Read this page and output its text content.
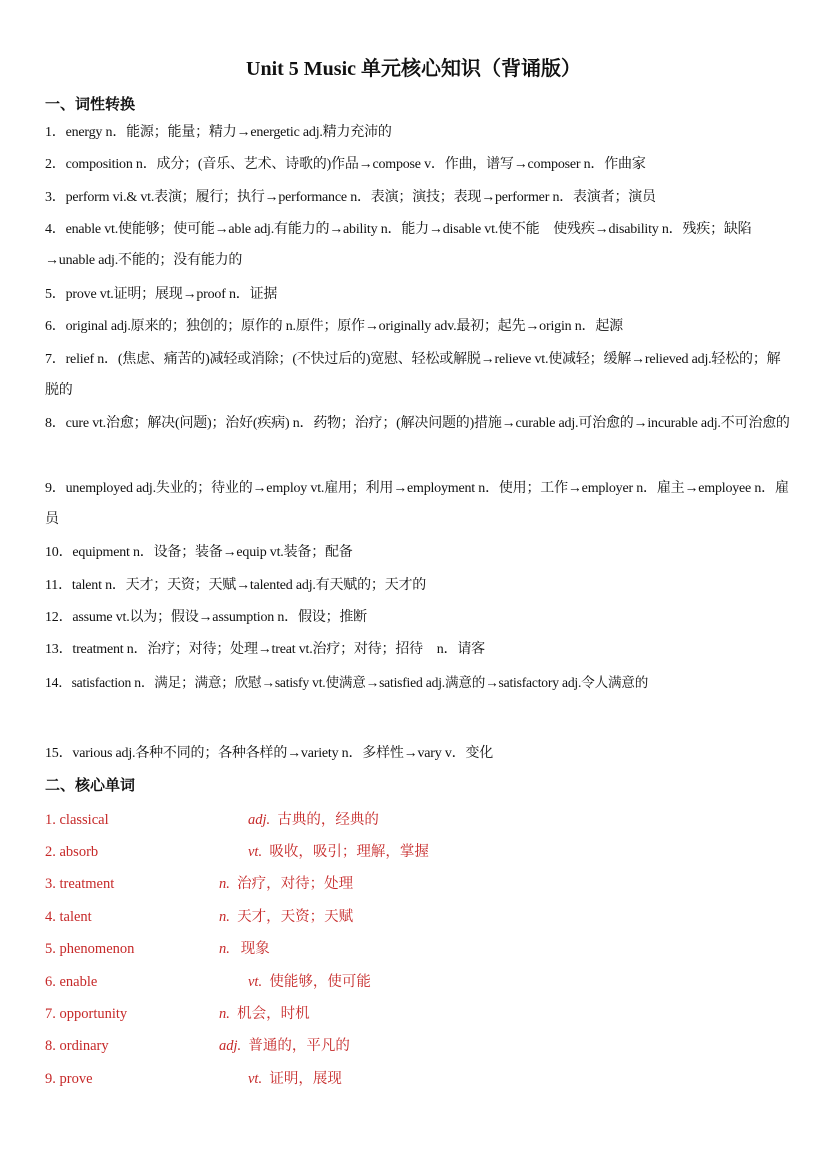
Unit 5 Music 单元核心知识（背诵版）
一、词性转换
1．energy n．能源；能量；精力→energetic adj.精力充沛的
2．composition n．成分；(音乐、艺术、诗歌的)作品→compose v．作曲，谱写→composer n．作曲家
3．perform vi.& vt.表演；履行；执行→performance n．表演；演技；表现→performer n．表演者；演员
4．enable vt.使能够；使可能→able adj.有能力的→ability n．能力→disable vt.使不能　使残疾→disability n．残疾；缺陷→unable adj.不能的；没有能力的
5．prove vt.证明；展现→proof n．证据
6．original adj.原来的；独创的；原作的 n.原件；原作→originally adv.最初；起先→origin n．起源
7．relief n．(焦虑、痛苦的)减轻或消除；(不快过后的)宽慰、轻松或解脱→relieve vt.使减轻；缓解→relieved adj.轻松的；解脱的
8．cure vt.治愈；解决(问题)；治好(疾病) n．药物；治疗；(解决问题的)措施→curable adj.可治愈的→incurable adj.不可治愈的
9．unemployed adj.失业的；待业的→employ vt.雇用；利用→employment n．使用；工作→employer n．雇主→employee n．雇员
10．equipment n．设备；装备→equip vt.装备；配备
11．talent n．天才；天资；天赋→talented adj.有天赋的；天才的
12．assume vt.以为；假设→assumption n．假设；推断
13．treatment n．治疗；对待；处理→treat vt.治疗；对待；招待　n．请客
14．satisfaction n．满足；满意；欣慰→satisfy vt.使满意→satisfied adj.满意的→satisfactory adj.令人满意的
15．various adj.各种不同的；各种各样的→variety n．多样性→vary v．变化
二、核心单词
1. classical	adj. 古典的，经典的
2. absorb	vt. 吸收，吸引；理解，掌握
3. treatment	n. 治疗，对待；处理
4. talent	n. 天才，天资；天赋
5. phenomenon	n. 现象
6. enable	vt. 使能够，使可能
7. opportunity	n. 机会，时机
8. ordinary	adj. 普通的，平凡的
9. prove	vt. 证明，展现
